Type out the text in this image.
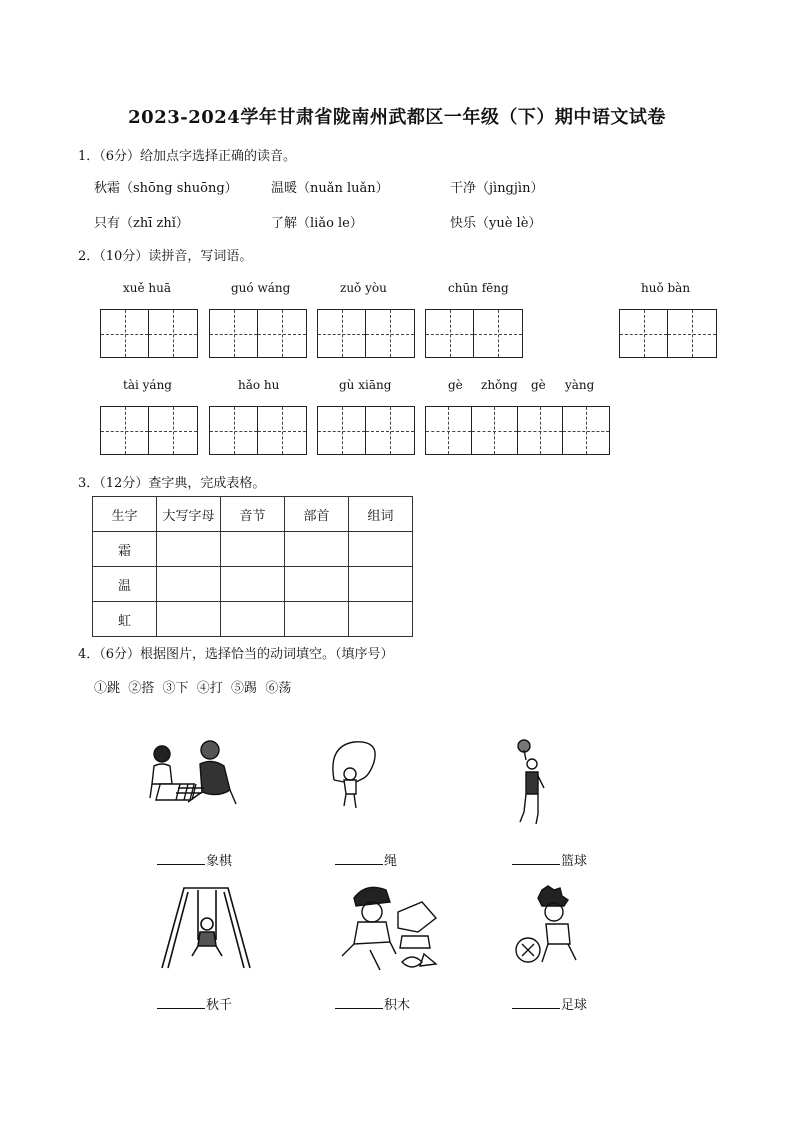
2023-2024学年甘肃省陇南州武都区一年级（下）期中语文试卷
1．（6分）给加点字选择正确的读音。
秋霜（shōng shuōng）	温暖（nuǎn luǎn）	干净（jìngjìn）
只有（zhī zhǐ）	了解（liǎo le）	快乐（yuè lè）
2．（10分）读拼音，写词语。
xuě huā	guó wáng	zuǒ yòu	chūn fēng	huǒ bàn
tài yáng	hǎo hu	gù xiāng	gè zhǒng gè yàng
3．（12分）查字典，完成表格。
生字	大写字母	音节	部首	组词
霜				
温				
虹				
4．（6分）根据图片，选择恰当的动词填空。（填序号）
①跳  ②搭  ③下  ④打  ⑤踢  ⑥荡
象棋	绳	篮球
秋千	积木	足球
